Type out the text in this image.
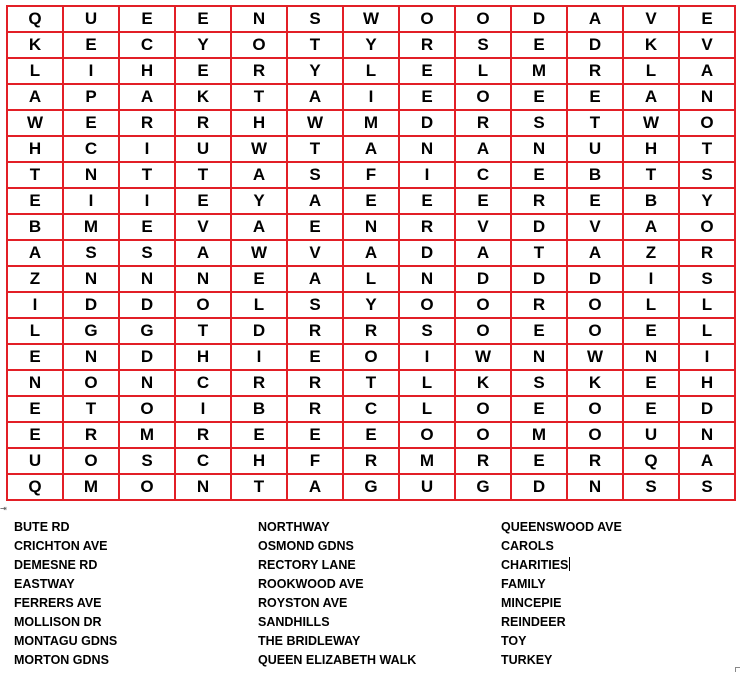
Q	U	E	E	N	S	W	O	O	D	A	V	E
K	E	C	Y	O	T	Y	R	S	E	D	K	V
L	I	H	E	R	Y	L	E	L	M	R	L	A
A	P	A	K	T	A	I	E	O	E	E	A	N
W	E	R	R	H	W	M	D	R	S	T	W	O
H	C	I	U	W	T	A	N	A	N	U	H	T
T	N	T	T	A	S	F	I	C	E	B	T	S
E	I	I	E	Y	A	E	E	E	R	E	B	Y
B	M	E	V	A	E	N	R	V	D	V	A	O
A	S	S	A	W	V	A	D	A	T	A	Z	R
Z	N	N	N	E	A	L	N	D	D	D	I	S
I	D	D	O	L	S	Y	O	O	R	O	L	L
L	G	G	T	D	R	R	S	O	E	O	E	L
E	N	D	H	I	E	O	I	W	N	W	N	I
N	O	N	C	R	R	T	L	K	S	K	E	H
E	T	O	I	B	R	C	L	O	E	O	E	D
E	R	M	R	E	E	E	O	O	M	O	U	N
U	O	S	C	H	F	R	M	R	E	R	Q	A
Q	M	O	N	T	A	G	U	G	D	N	S	S
⇥
BUTE RD
CRICHTON AVE
DEMESNE RD
EASTWAY
FERRERS AVE
MOLLISON DR
MONTAGU GDNS
MORTON GDNS
NORTHWAY
OSMOND GDNS
RECTORY LANE
ROOKWOOD AVE
ROYSTON AVE
SANDHILLS
THE BRIDLEWAY
QUEEN ELIZABETH WALK
QUEENSWOOD AVE
CAROLS
CHARITIES
FAMILY
MINCEPIE
REINDEER
TOY
TURKEY
